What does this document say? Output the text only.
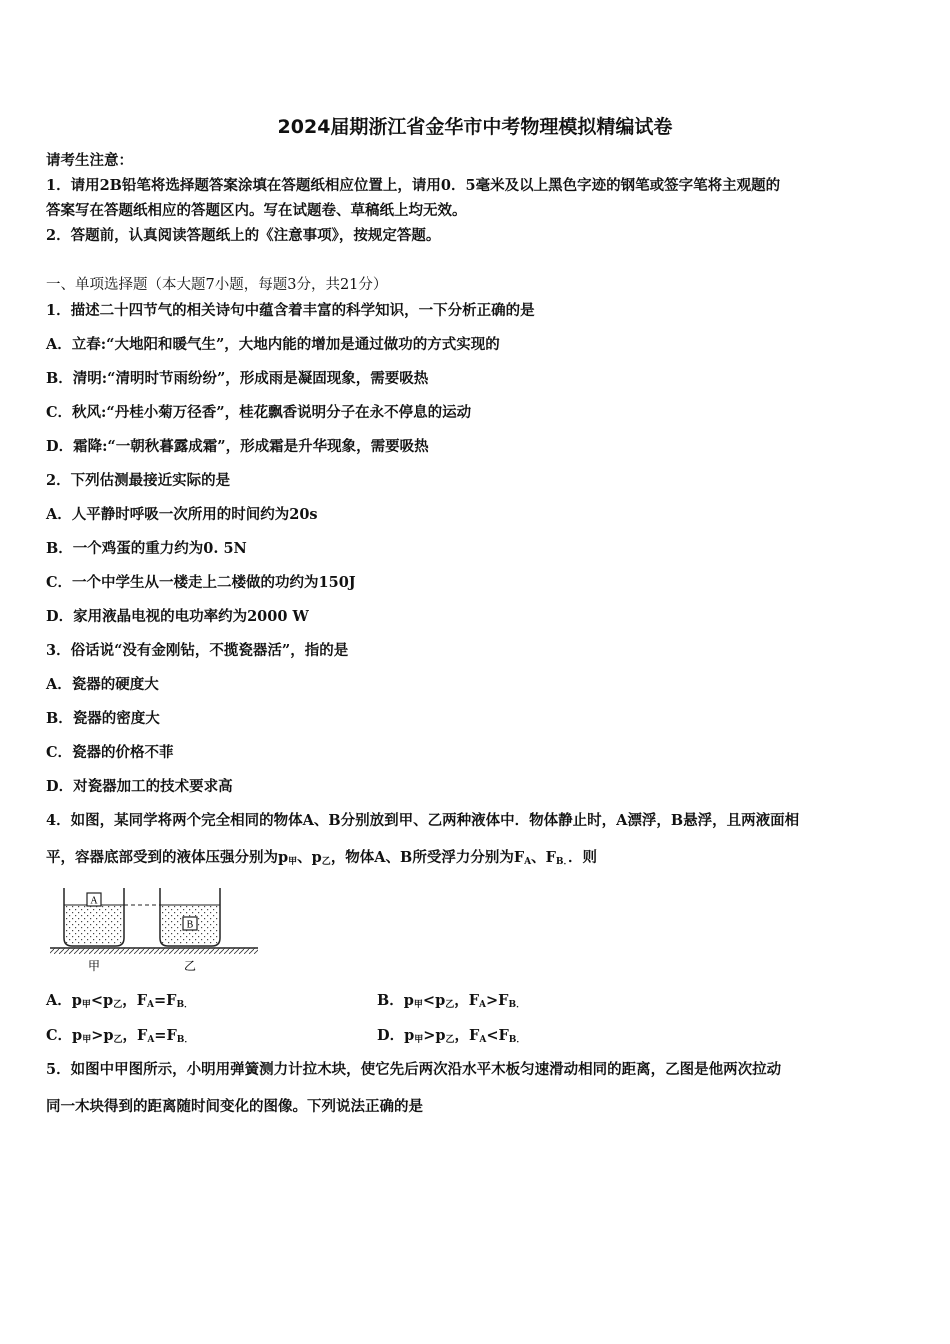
2024届期浙江省金华市中考物理模拟精编试卷
请考生注意：
1．请用2B铅笔将选择题答案涂填在答题纸相应位置上，请用0．5毫米及以上黑色字迹的钢笔或签字笔将主观题的
答案写在答题纸相应的答题区内。写在试题卷、草稿纸上均无效。
2．答题前，认真阅读答题纸上的《注意事项》，按规定答题。
一、单项选择题（本大题7小题，每题3分，共21分）
1．描述二十四节气的相关诗句中蕴含着丰富的科学知识，一下分析正确的是
A．立春:“大地阳和暖气生”，大地内能的增加是通过做功的方式实现的
B．清明:“清明时节雨纷纷”，形成雨是凝固现象，需要吸热
C．秋风:“丹桂小菊万径香”，桂花飘香说明分子在永不停息的运动
D．霜降:“一朝秋暮露成霜”，形成霜是升华现象，需要吸热
2．下列估测最接近实际的是
A．人平静时呼吸一次所用的时间约为20s
B．一个鸡蛋的重力约为0. 5N
C．一个中学生从一楼走上二楼做的功约为150J
D．家用液晶电视的电功率约为2000 W
3．俗话说“没有金刚钻，不揽瓷器活”，指的是
A．瓷器的硬度大
B．瓷器的密度大
C．瓷器的价格不菲
D．对瓷器加工的技术要求高
4．如图，某同学将两个完全相同的物体A、B分别放到甲、乙两种液体中．物体静止时，A漂浮，B悬浮，且两液面相
平，容器底部受到的液体压强分别为$p_甲$、$p_乙$，物体A、B所受浮力分别为$F_A$、$F_{B.}$．则
A
B
甲	乙
A．$p_甲<p_乙$，$F_A=F_{B.}$	B．$p_甲<p_乙$，$F_A>F_{B.}$
C．$p_甲>p_乙$，$F_A=F_{B.}$	D．$p_甲>p_乙$，$F_A<F_{B.}$
5．如图中甲图所示，小明用弹簧测力计拉木块，使它先后两次沿水平木板匀速滑动相同的距离，乙图是他两次拉动
同一木块得到的距离随时间变化的图像。下列说法正确的是
